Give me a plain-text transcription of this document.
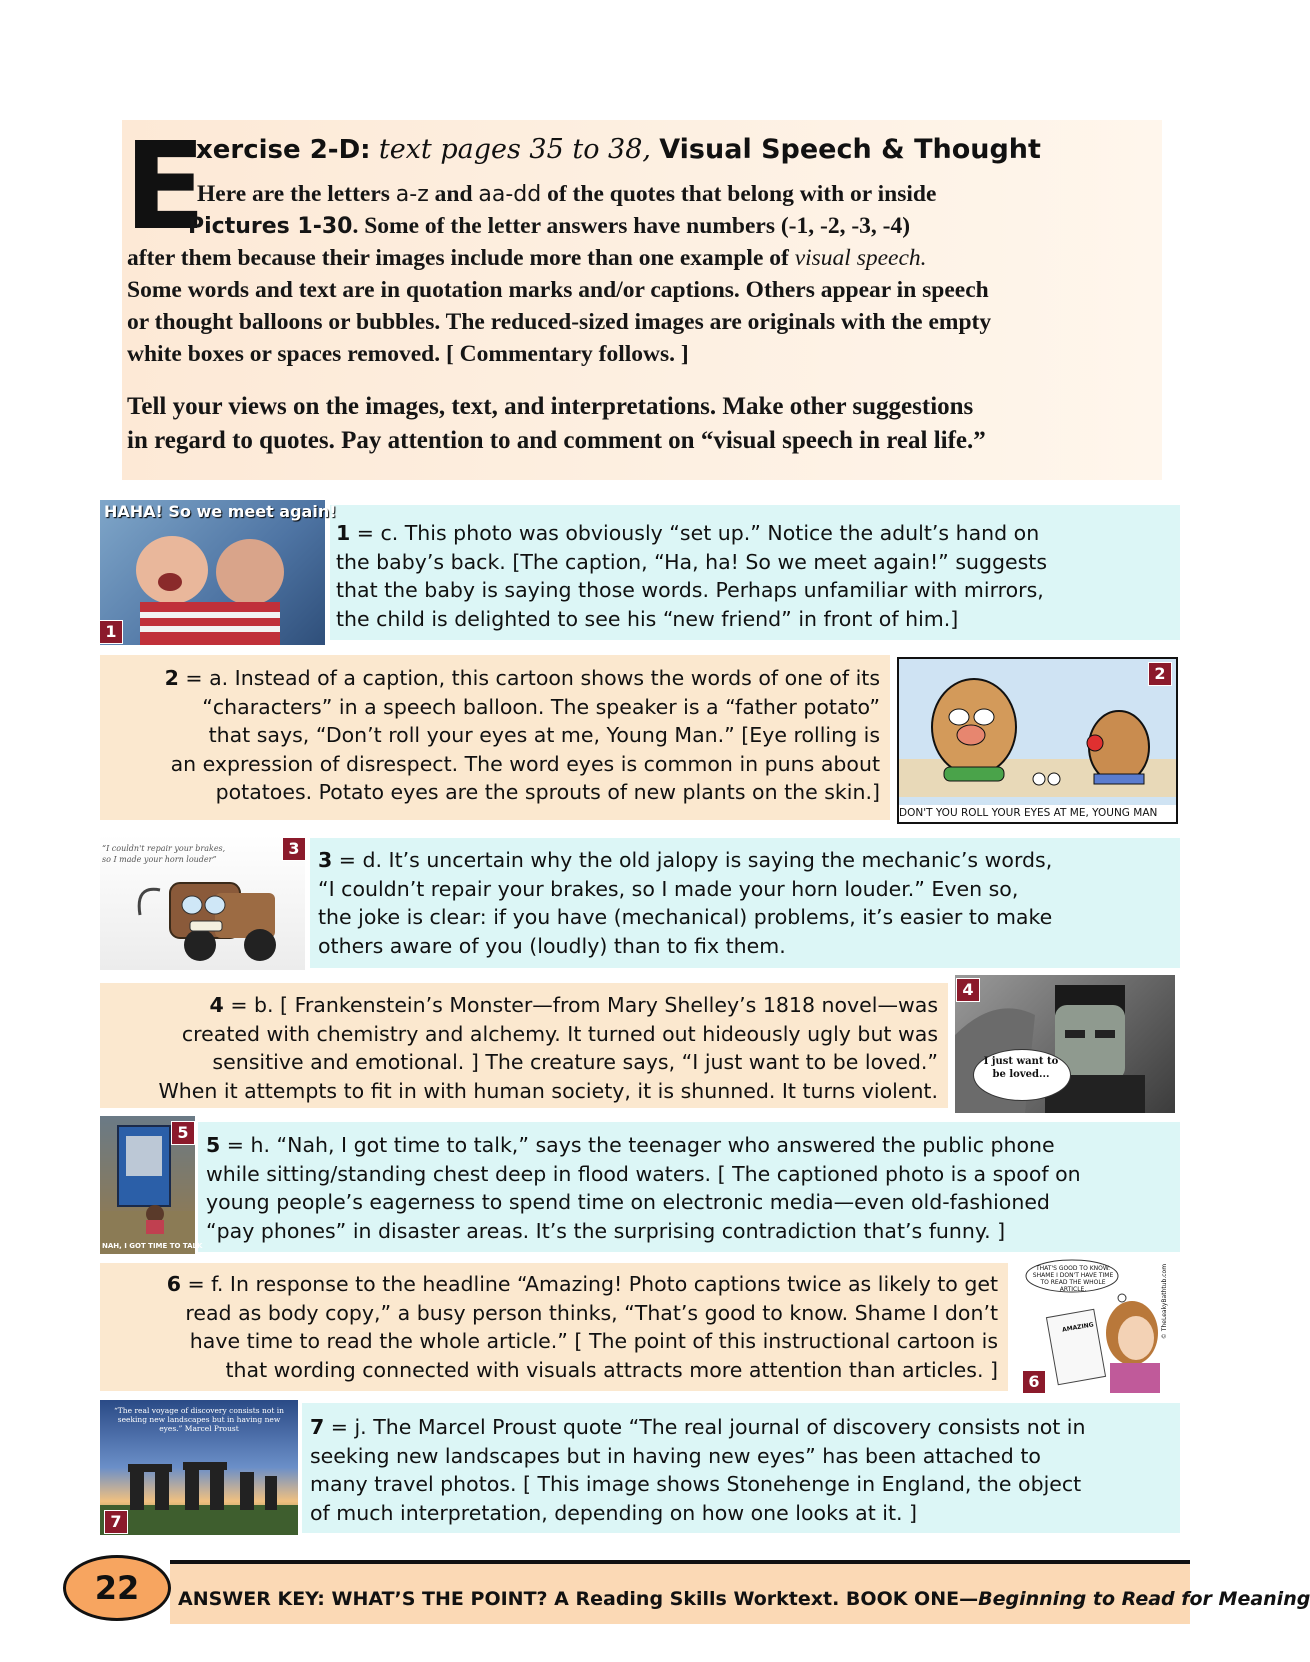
E
xercise 2-D: text pages 35 to 38, Visual Speech & Thought
Here are the letters a-z and aa-dd of the quotes that belong with or inside
Pictures 1-30. Some of the letter answers have numbers (-1, -2, -3, -4)
after them because their images include more than one example of visual speech.
Some words and text are in quotation marks and/or captions. Others appear in speech
or thought balloons or bubbles. The reduced-sized images are originals with the empty
white boxes or spaces removed. [ Commentary follows. ]
Tell your views on the images, text, and interpretations. Make other suggestions
in regard to quotes. Pay attention to and comment on “visual speech in real life.”
HAHA! So we meet again!
1
1 = c. This photo was obviously “set up.” Notice the adult’s hand on
the baby’s back. [The caption, “Ha, ha! So we meet again!” suggests
that the baby is saying those words. Perhaps unfamiliar with mirrors,
the child is delighted to see his “new friend” in front of him.]
DON'T YOU ROLL YOUR EYES AT ME, YOUNG MAN
2
2 = a. Instead of a caption, this cartoon shows the words of one of its
“characters” in a speech balloon. The speaker is a “father potato”
that says, “Don’t roll your eyes at me, Young Man.” [Eye rolling is
an expression of disrespect. The word eyes is common in puns about
potatoes. Potato eyes are the sprouts of new plants on the skin.]
“I couldn't repair your brakes, so I made your horn louder”
3 3 = d. It’s uncertain why the old jalopy is saying the mechanic’s words,
“I couldn’t repair your brakes, so I made your horn louder.” Even so,
the joke is clear: if you have (mechanical) problems, it’s easier to make
others aware of you (loudly) than to fix them.
I just want to be loved...
4
4 = b. [ Frankenstein’s Monster—from Mary Shelley’s 1818 novel—was
created with chemistry and alchemy. It turned out hideously ugly but was
sensitive and emotional. ] The creature says, “I just want to be loved.”
When it attempts to fit in with human society, it is shunned. It turns violent.
NAH, I GOT TIME TO TALK
5
5 = h. “Nah, I got time to talk,” says the teenager who answered the public phone
while sitting/standing chest deep in flood waters. [ The captioned photo is a spoof on
young people’s eagerness to spend time on electronic media—even old-fashioned
“pay phones” in disaster areas. It’s the surprising contradiction that’s funny. ]
THAT'S GOOD TO KNOW. SHAME I DON'T HAVE TIME TO READ THE WHOLE ARTICLE.
AMAZING	© TheLeakyBathtub.com
6
6 = f. In response to the headline “Amazing! Photo captions twice as likely to get
read as body copy,” a busy person thinks, “That’s good to know. Shame I don’t
have time to read the whole article.” [ The point of this instructional cartoon is
that wording connected with visuals attracts more attention than articles. ]
“The real voyage of discovery consists not in seeking new landscapes but in having new eyes.” Marcel Proust
7
7 = j. The Marcel Proust quote “The real journal of discovery consists not in
seeking new landscapes but in having new eyes” has been attached to
many travel photos. [ This image shows Stonehenge in England, the object
of much interpretation, depending on how one looks at it. ]
22	ANSWER KEY: WHAT’S THE POINT? A Reading Skills Worktext. BOOK ONE—Beginning to Read for Meaning
